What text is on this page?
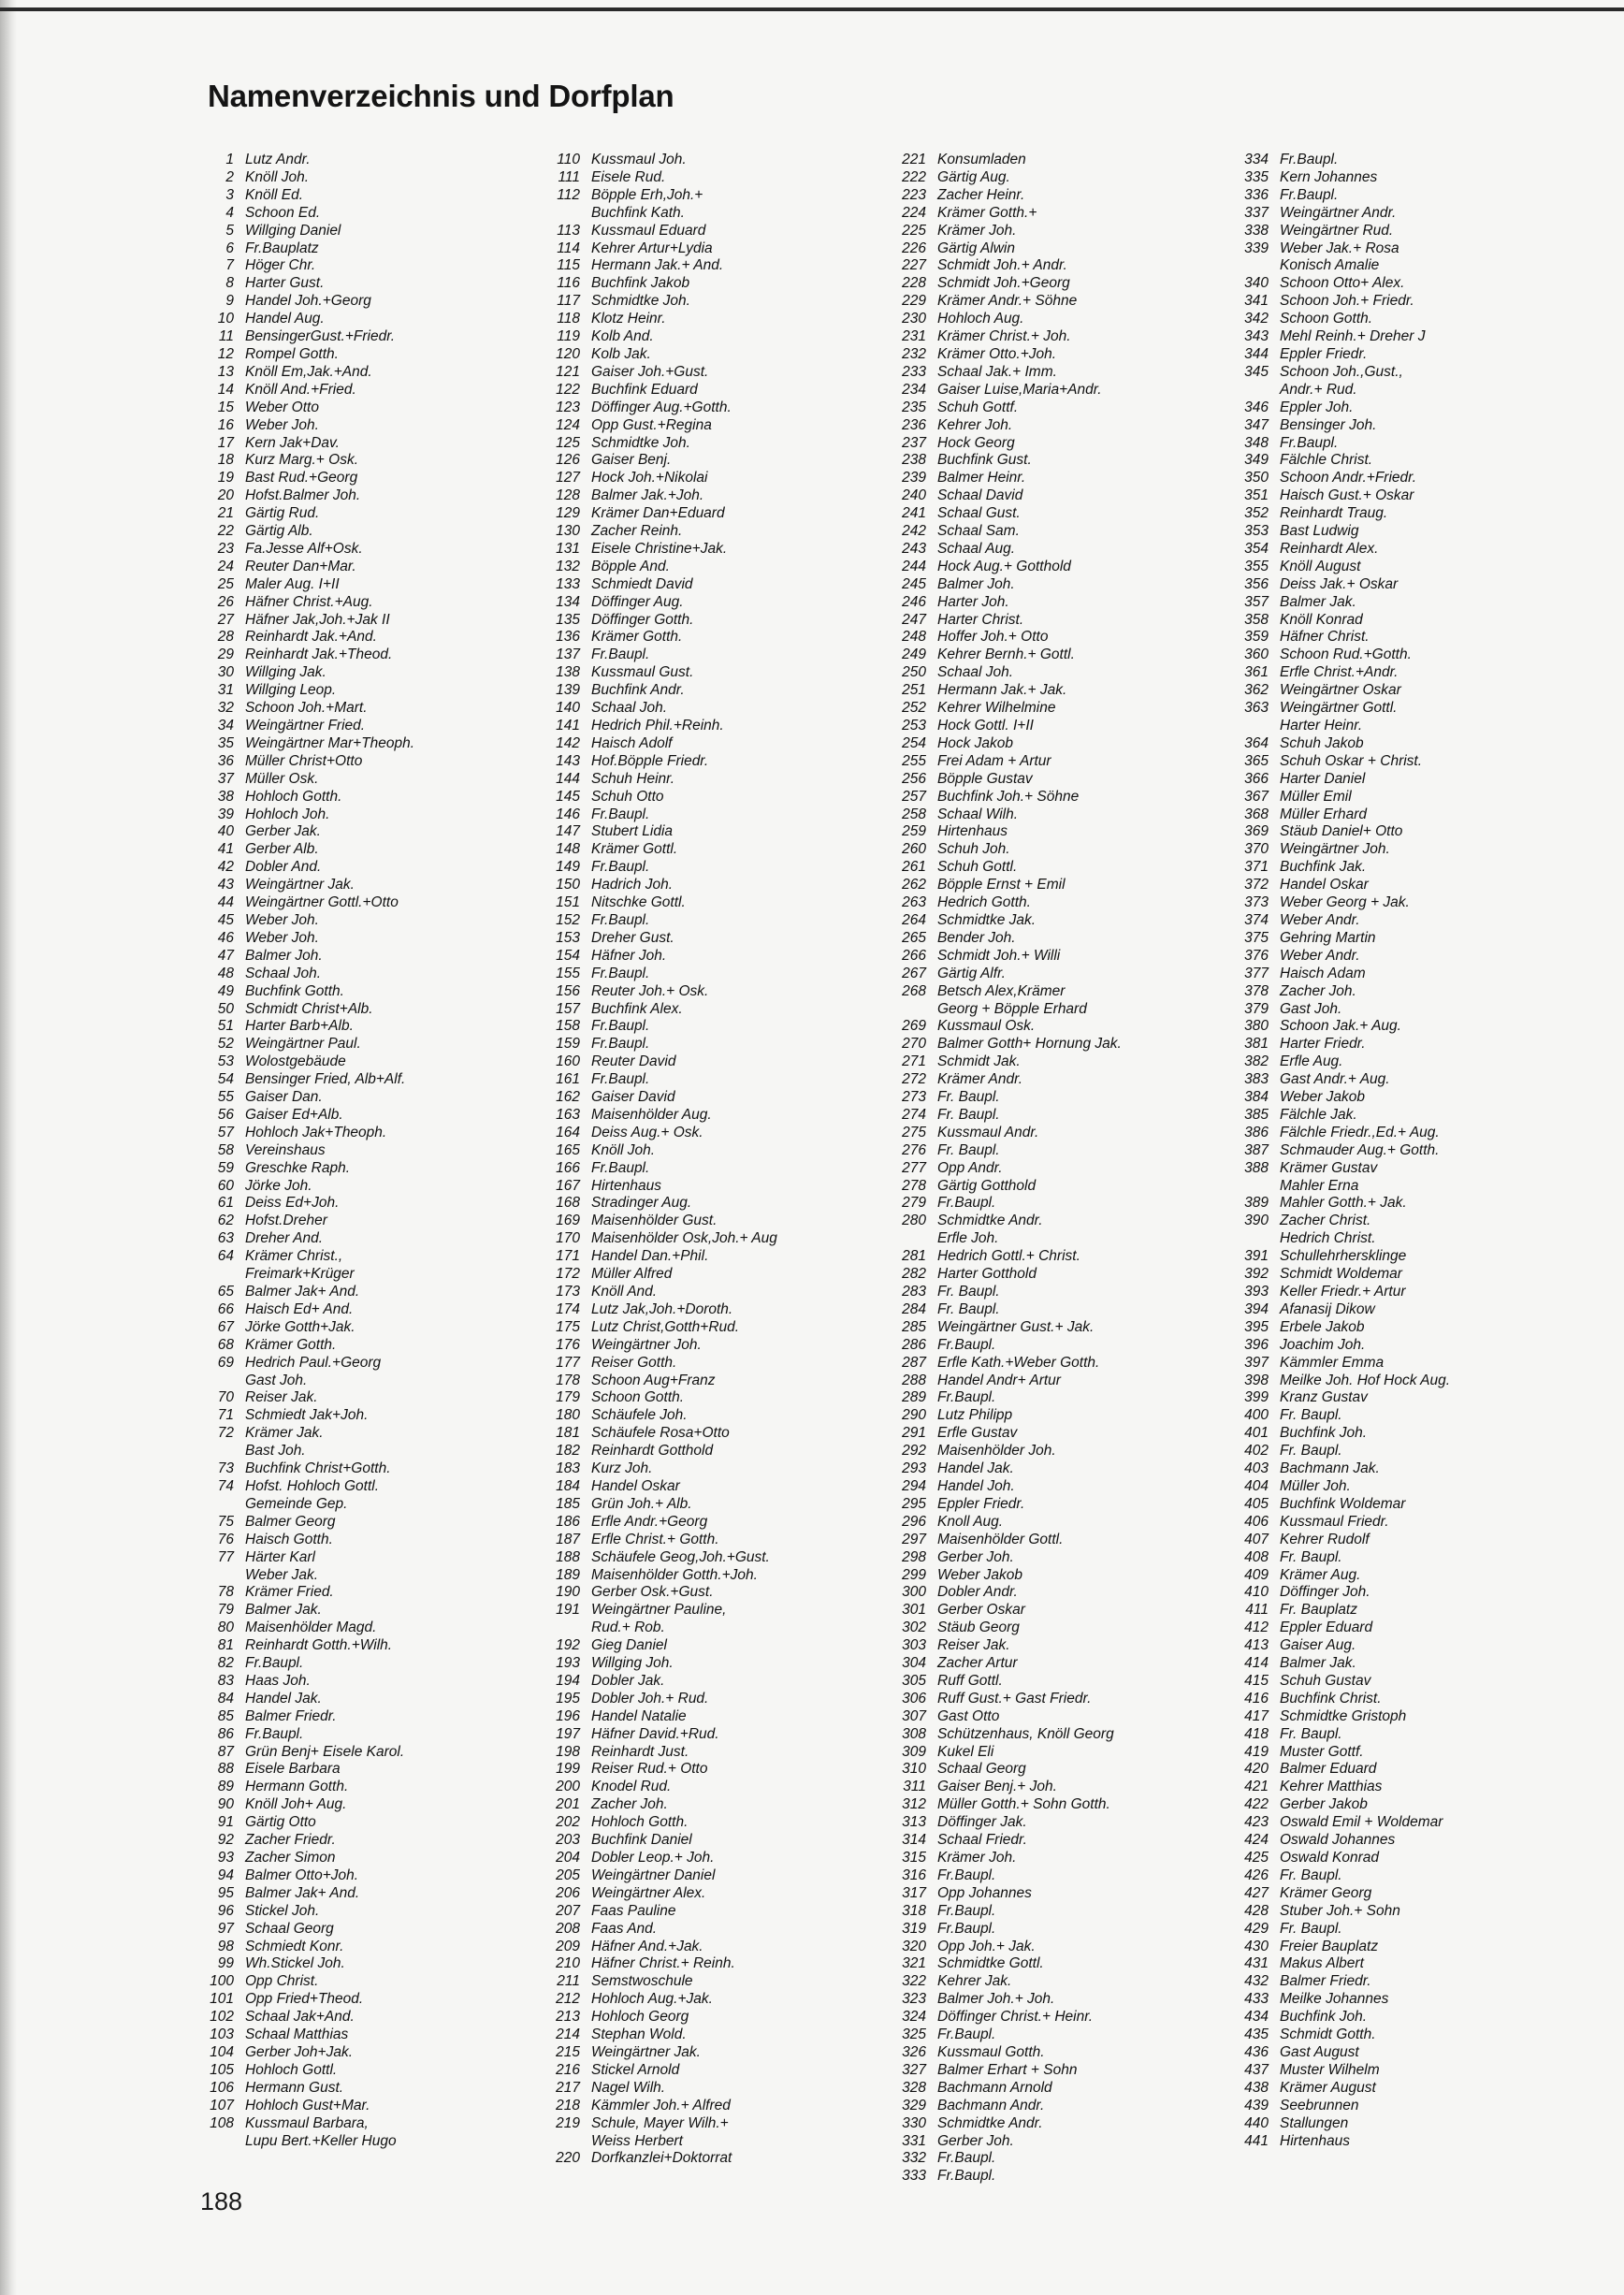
Namenverzeichnis und Dorfplan
1 Lutz Andr.
2 Knöll Joh.
3 Knöll Ed.
4 Schoon Ed.
5 Willging Daniel
6 Fr.Bauplatz
7 Höger Chr.
8 Harter Gust.
9 Handel Joh.+Georg
10 Handel Aug.
11 BensingerGust.+Friedr.
12 Rompel Gotth.
13 Knöll Em,Jak.+And.
14 Knöll And.+Fried.
15 Weber Otto
16 Weber Joh.
17 Kern Jak+Dav.
18 Kurz Marg.+ Osk.
19 Bast Rud.+Georg
20 Hofst.Balmer Joh.
21 Gärtig Rud.
22 Gärtig Alb.
23 Fa.Jesse Alf+Osk.
24 Reuter Dan+Mar.
25 Maler Aug. I+II
26 Häfner Christ.+Aug.
27 Häfner Jak,Joh.+Jak II
28 Reinhardt Jak.+And.
29 Reinhardt Jak.+Theod.
30 Willging Jak.
31 Willging Leop.
32 Schoon Joh.+Mart.
34 Weingärtner Fried.
35 Weingärtner Mar+Theoph.
36 Müller Christ+Otto
37 Müller Osk.
38 Hohloch Gotth.
39 Hohloch Joh.
40 Gerber Jak.
41 Gerber Alb.
42 Dobler And.
43 Weingärtner Jak.
44 Weingärtner Gottl.+Otto
45 Weber Joh.
46 Weber Joh.
47 Balmer Joh.
48 Schaal Joh.
49 Buchfink Gotth.
50 Schmidt Christ+Alb.
51 Harter Barb+Alb.
52 Weingärtner Paul.
53 Wolostgebäude
54 Bensinger Fried, Alb+Alf.
55 Gaiser Dan.
56 Gaiser Ed+Alb.
57 Hohloch Jak+Theoph.
58 Vereinshaus
59 Greschke Raph.
60 Jörke Joh.
61 Deiss Ed+Joh.
62 Hofst.Dreher
63 Dreher And.
64 Krämer Christ.,
Freimark+Krüger
65 Balmer Jak+ And.
66 Haisch Ed+ And.
67 Jörke Gotth+Jak.
68 Krämer Gotth.
69 Hedrich Paul.+Georg
Gast Joh.
70 Reiser Jak.
71 Schmiedt Jak+Joh.
72 Krämer Jak.
Bast Joh.
73 Buchfink Christ+Gotth.
74 Hofst. Hohloch Gottl.
Gemeinde Gep.
75 Balmer Georg
76 Haisch Gotth.
77 Härter Karl
Weber Jak.
78 Krämer Fried.
79 Balmer Jak.
80 Maisenhölder Magd.
81 Reinhardt Gotth.+Wilh.
82 Fr.Baupl.
83 Haas Joh.
84 Handel Jak.
85 Balmer Friedr.
86 Fr.Baupl.
87 Grün Benj+ Eisele Karol.
88 Eisele Barbara
89 Hermann Gotth.
90 Knöll Joh+ Aug.
91 Gärtig Otto
92 Zacher Friedr.
93 Zacher Simon
94 Balmer Otto+Joh.
95 Balmer Jak+ And.
96 Stickel Joh.
97 Schaal Georg
98 Schmiedt Konr.
99 Wh.Stickel Joh.
100 Opp Christ.
101 Opp Fried+Theod.
102 Schaal Jak+And.
103 Schaal Matthias
104 Gerber Joh+Jak.
105 Hohloch Gottl.
106 Hermann Gust.
107 Hohloch Gust+Mar.
108 Kussmaul Barbara,
Lupu Bert.+Keller Hugo
110 Kussmaul Joh.
111 Eisele Rud.
112 Böpple Erh,Joh.+
Buchfink Kath.
113 Kussmaul Eduard
114 Kehrer Artur+Lydia
115 Hermann Jak.+ And.
116 Buchfink Jakob
117 Schmidtke Joh.
118 Klotz Heinr.
119 Kolb And.
120 Kolb Jak.
121 Gaiser Joh.+Gust.
122 Buchfink Eduard
123 Döffinger Aug.+Gotth.
124 Opp Gust.+Regina
125 Schmidtke Joh.
126 Gaiser Benj.
127 Hock Joh.+Nikolai
128 Balmer Jak.+Joh.
129 Krämer Dan+Eduard
130 Zacher Reinh.
131 Eisele Christine+Jak.
132 Böpple And.
133 Schmiedt David
134 Döffinger Aug.
135 Döffinger Gotth.
136 Krämer Gotth.
137 Fr.Baupl.
138 Kussmaul Gust.
139 Buchfink Andr.
140 Schaal Joh.
141 Hedrich Phil.+Reinh.
142 Haisch Adolf
143 Hof.Böpple Friedr.
144 Schuh Heinr.
145 Schuh Otto
146 Fr.Baupl.
147 Stubert Lidia
148 Krämer Gottl.
149 Fr.Baupl.
150 Hadrich Joh.
151 Nitschke Gottl.
152 Fr.Baupl.
153 Dreher Gust.
154 Häfner Joh.
155 Fr.Baupl.
156 Reuter Joh.+ Osk.
157 Buchfink Alex.
158 Fr.Baupl.
159 Fr.Baupl.
160 Reuter David
161 Fr.Baupl.
162 Gaiser David
163 Maisenhölder Aug.
164 Deiss Aug.+ Osk.
165 Knöll Joh.
166 Fr.Baupl.
167 Hirtenhaus
168 Stradinger Aug.
169 Maisenhölder Gust.
170 Maisenhölder Osk,Joh.+ Aug
171 Handel Dan.+Phil.
172 Müller Alfred
173 Knöll And.
174 Lutz Jak,Joh.+Doroth.
175 Lutz Christ,Gotth+Rud.
176 Weingärtner Joh.
177 Reiser Gotth.
178 Schoon Aug+Franz
179 Schoon Gotth.
180 Schäufele Joh.
181 Schäufele Rosa+Otto
182 Reinhardt Gotthold
183 Kurz Joh.
184 Handel Oskar
185 Grün Joh.+ Alb.
186 Erfle Andr.+Georg
187 Erfle Christ.+ Gotth.
188 Schäufele Geog,Joh.+Gust.
189 Maisenhölder Gotth.+Joh.
190 Gerber Osk.+Gust.
191 Weingärtner Pauline,
Rud.+ Rob.
192 Gieg Daniel
193 Willging Joh.
194 Dobler Jak.
195 Dobler Joh.+ Rud.
196 Handel Natalie
197 Häfner David.+Rud.
198 Reinhardt Just.
199 Reiser Rud.+ Otto
200 Knodel Rud.
201 Zacher Joh.
202 Hohloch Gotth.
203 Buchfink Daniel
204 Dobler Leop.+ Joh.
205 Weingärtner Daniel
206 Weingärtner Alex.
207 Faas Pauline
208 Faas And.
209 Häfner And.+Jak.
210 Häfner Christ.+ Reinh.
211 Semstwoschule
212 Hohloch Aug.+Jak.
213 Hohloch Georg
214 Stephan Wold.
215 Weingärtner Jak.
216 Stickel Arnold
217 Nagel Wilh.
218 Kämmler Joh.+ Alfred
219 Schule, Mayer Wilh.+
Weiss Herbert
220 Dorfkanzlei+Doktorrat
221 Konsumladen
222 Gärtig Aug.
223 Zacher Heinr.
224 Krämer Gotth.+
225 Krämer Joh.
226 Gärtig Alwin
227 Schmidt Joh.+ Andr.
228 Schmidt Joh.+Georg
229 Krämer Andr.+ Söhne
230 Hohloch Aug.
231 Krämer Christ.+ Joh.
232 Krämer Otto.+Joh.
233 Schaal Jak.+ Imm.
234 Gaiser Luise,Maria+Andr.
235 Schuh Gottf.
236 Kehrer Joh.
237 Hock Georg
238 Buchfink Gust.
239 Balmer Heinr.
240 Schaal David
241 Schaal Gust.
242 Schaal Sam.
243 Schaal Aug.
244 Hock Aug.+ Gotthold
245 Balmer Joh.
246 Harter Joh.
247 Harter Christ.
248 Hoffer Joh.+ Otto
249 Kehrer Bernh.+ Gottl.
250 Schaal Joh.
251 Hermann Jak.+ Jak.
252 Kehrer Wilhelmine
253 Hock Gottl. I+II
254 Hock Jakob
255 Frei Adam + Artur
256 Böpple Gustav
257 Buchfink Joh.+ Söhne
258 Schaal Wilh.
259 Hirtenhaus
260 Schuh Joh.
261 Schuh Gottl.
262 Böpple Ernst + Emil
263 Hedrich Gotth.
264 Schmidtke Jak.
265 Bender Joh.
266 Schmidt Joh.+ Willi
267 Gärtig Alfr.
268 Betsch Alex,Krämer
Georg + Böpple Erhard
269 Kussmaul Osk.
270 Balmer Gotth+ Hornung Jak.
271 Schmidt Jak.
272 Krämer Andr.
273 Fr. Baupl.
274 Fr. Baupl.
275 Kussmaul Andr.
276 Fr. Baupl.
277 Opp Andr.
278 Gärtig Gotthold
279 Fr.Baupl.
280 Schmidtke Andr.
Erfle Joh.
281 Hedrich Gottl.+ Christ.
282 Harter Gotthold
283 Fr. Baupl.
284 Fr. Baupl.
285 Weingärtner Gust.+ Jak.
286 Fr.Baupl.
287 Erfle Kath.+Weber Gotth.
288 Handel Andr+ Artur
289 Fr.Baupl.
290 Lutz Philipp
291 Erfle Gustav
292 Maisenhölder Joh.
293 Handel Jak.
294 Handel Joh.
295 Eppler Friedr.
296 Knoll Aug.
297 Maisenhölder Gottl.
298 Gerber Joh.
299 Weber Jakob
300 Dobler Andr.
301 Gerber Oskar
302 Stäub Georg
303 Reiser Jak.
304 Zacher Artur
305 Ruff Gottl.
306 Ruff Gust.+ Gast Friedr.
307 Gast Otto
308 Schützenhaus, Knöll Georg
309 Kukel Eli
310 Schaal Georg
311 Gaiser Benj.+ Joh.
312 Müller Gotth.+ Sohn Gotth.
313 Döffinger Jak.
314 Schaal Friedr.
315 Krämer Joh.
316 Fr.Baupl.
317 Opp Johannes
318 Fr.Baupl.
319 Fr.Baupl.
320 Opp Joh.+ Jak.
321 Schmidtke Gottl.
322 Kehrer Jak.
323 Balmer Joh.+ Joh.
324 Döffinger Christ.+ Heinr.
325 Fr.Baupl.
326 Kussmaul Gotth.
327 Balmer Erhart + Sohn
328 Bachmann Arnold
329 Bachmann Andr.
330 Schmidtke Andr.
331 Gerber Joh.
332 Fr.Baupl.
333 Fr.Baupl.
334 Fr.Baupl.
335 Kern Johannes
336 Fr.Baupl.
337 Weingärtner Andr.
338 Weingärtner Rud.
339 Weber Jak.+ Rosa
Konisch Amalie
340 Schoon Otto+ Alex.
341 Schoon Joh.+ Friedr.
342 Schoon Gotth.
343 Mehl Reinh.+ Dreher J
344 Eppler Friedr.
345 Schoon Joh.,Gust.,
Andr.+ Rud.
346 Eppler Joh.
347 Bensinger Joh.
348 Fr.Baupl.
349 Fälchle Christ.
350 Schoon Andr.+Friedr.
351 Haisch Gust.+ Oskar
352 Reinhardt Traug.
353 Bast Ludwig
354 Reinhardt Alex.
355 Knöll August
356 Deiss Jak.+ Oskar
357 Balmer Jak.
358 Knöll Konrad
359 Häfner Christ.
360 Schoon Rud.+Gotth.
361 Erfle Christ.+Andr.
362 Weingärtner Oskar
363 Weingärtner Gottl.
Harter Heinr.
364 Schuh Jakob
365 Schuh Oskar + Christ.
366 Harter Daniel
367 Müller Emil
368 Müller Erhard
369 Stäub Daniel+ Otto
370 Weingärtner Joh.
371 Buchfink Jak.
372 Handel Oskar
373 Weber Georg + Jak.
374 Weber Andr.
375 Gehring Martin
376 Weber Andr.
377 Haisch Adam
378 Zacher Joh.
379 Gast Joh.
380 Schoon Jak.+ Aug.
381 Harter Friedr.
382 Erfle Aug.
383 Gast Andr.+ Aug.
384 Weber Jakob
385 Fälchle Jak.
386 Fälchle Friedr.,Ed.+ Aug.
387 Schmauder Aug.+ Gotth.
388 Krämer Gustav
Mahler Erna
389 Mahler Gotth.+ Jak.
390 Zacher Christ.
Hedrich Christ.
391 Schullehrhersklinge
392 Schmidt Woldemar
393 Keller Friedr.+ Artur
394 Afanasij Dikow
395 Erbele Jakob
396 Joachim Joh.
397 Kämmler Emma
398 Meilke Joh. Hof Hock Aug.
399 Kranz Gustav
400 Fr. Baupl.
401 Buchfink Joh.
402 Fr. Baupl.
403 Bachmann Jak.
404 Müller Joh.
405 Buchfink Woldemar
406 Kussmaul Friedr.
407 Kehrer Rudolf
408 Fr. Baupl.
409 Krämer Aug.
410 Döffinger Joh.
411 Fr. Bauplatz
412 Eppler Eduard
413 Gaiser Aug.
414 Balmer Jak.
415 Schuh Gustav
416 Buchfink Christ.
417 Schmidtke Gristoph
418 Fr. Baupl.
419 Muster Gottf.
420 Balmer Eduard
421 Kehrer Matthias
422 Gerber Jakob
423 Oswald Emil + Woldemar
424 Oswald Johannes
425 Oswald Konrad
426 Fr. Baupl.
427 Krämer Georg
428 Stuber Joh.+ Sohn
429 Fr. Baupl.
430 Freier Bauplatz
431 Makus Albert
432 Balmer Friedr.
433 Meilke Johannes
434 Buchfink Joh.
435 Schmidt Gotth.
436 Gast August
437 Muster Wilhelm
438 Krämer August
439 Seebrunnen
440 Stallungen
441 Hirtenhaus
188
